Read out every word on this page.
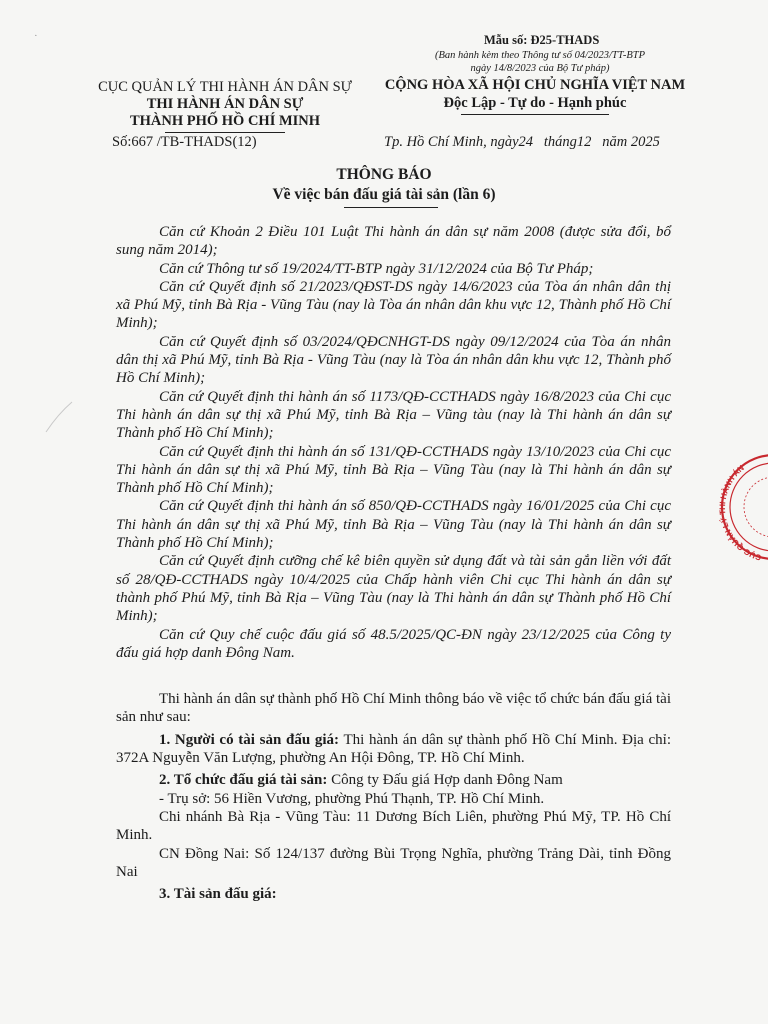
·	Mẫu số: Đ25-THADS
(Ban hành kèm theo Thông tư số 04/2023/TT-BTP
ngày 14/8/2023 của Bộ Tư pháp)
CỤC QUẢN LÝ THI HÀNH ÁN DÂN SỰ
THI HÀNH ÁN DÂN SỰ
THÀNH PHỐ HỒ CHÍ MINH
CỘNG HÒA XÃ HỘI CHỦ NGHĨA VIỆT NAM
Độc Lập - Tự do - Hạnh phúc
Số:667 /TB-THADS(12)	Tp. Hồ Chí Minh, ngày24   tháng12   năm 2025
THÔNG BÁO
Về việc bán đấu giá tài sản (lần 6)

Căn cứ Khoản 2 Điều 101 Luật Thi hành án dân sự năm 2008 (được sửa đổi, bổ sung năm 2014);

Căn cứ Thông tư số 19/2024/TT-BTP ngày 31/12/2024 của Bộ Tư Pháp;

Căn cứ Quyết định số 21/2023/QĐST-DS ngày 14/6/2023 của Tòa án nhân dân thị xã Phú Mỹ, tỉnh Bà Rịa - Vũng Tàu (nay là Tòa án nhân dân khu vực 12, Thành phố Hồ Chí Minh);

Căn cứ Quyết định số 03/2024/QĐCNHGT-DS ngày 09/12/2024 của Tòa án nhân dân thị xã Phú Mỹ, tỉnh Bà Rịa - Vũng Tàu (nay là Tòa án nhân dân khu vực 12, Thành phố Hồ Chí Minh);

Căn cứ Quyết định thi hành án số 1173/QĐ-CCTHADS ngày 16/8/2023 của Chi cục Thi hành án dân sự thị xã Phú Mỹ, tỉnh Bà Rịa – Vũng tàu (nay là Thi hành án dân sự Thành phố Hồ Chí Minh);

Căn cứ Quyết định thi hành án số 131/QĐ-CCTHADS ngày 13/10/2023 của Chi cục Thi hành án dân sự thị xã Phú Mỹ, tỉnh Bà Rịa – Vũng Tàu (nay là Thi hành án dân sự Thành phố Hồ Chí Minh);

Căn cứ Quyết định thi hành án số 850/QĐ-CCTHADS ngày 16/01/2025 của Chi cục Thi hành án dân sự thị xã Phú Mỹ, tỉnh Bà Rịa – Vũng Tàu (nay là Thi hành án dân sự Thành phố Hồ Chí Minh);

Căn cứ Quyết định cưỡng chế kê biên quyền sử dụng đất và tài sản gắn liền với đất số 28/QĐ-CCTHADS ngày 10/4/2025 của Chấp hành viên Chi cục Thi hành án dân sự thành phố Phú Mỹ, tỉnh Bà Rịa – Vũng Tàu (nay là Thi hành án dân sự Thành phố Hồ Chí Minh);

Căn cứ Quy chế cuộc đấu giá số 48.5/2025/QC-ĐN ngày 23/12/2025 của Công ty đấu giá hợp danh Đông Nam.

Thi hành án dân sự thành phố Hồ Chí Minh thông báo về việc tổ chức bán đấu giá tài sản như sau:

1. Người có tài sản đấu giá: Thi hành án dân sự thành phố Hồ Chí Minh. Địa chỉ: 372A Nguyễn Văn Lượng, phường An Hội Đông, TP. Hồ Chí Minh.

2. Tổ chức đấu giá tài sản: Công ty Đấu giá Hợp danh Đông Nam

- Trụ sở: 56 Hiền Vương, phường Phú Thạnh, TP. Hồ Chí Minh.

Chi nhánh Bà Rịa - Vũng Tàu: 11 Dương Bích Liên, phường Phú Mỹ, TP. Hồ Chí Minh.

CN Đồng Nai: Số 124/137 đường Bùi Trọng Nghĩa, phường Trảng Dài, tỉnh Đồng Nai

3. Tài sản đấu giá:

CỤC QUẢN LÝ THI HÀNH ÁN
